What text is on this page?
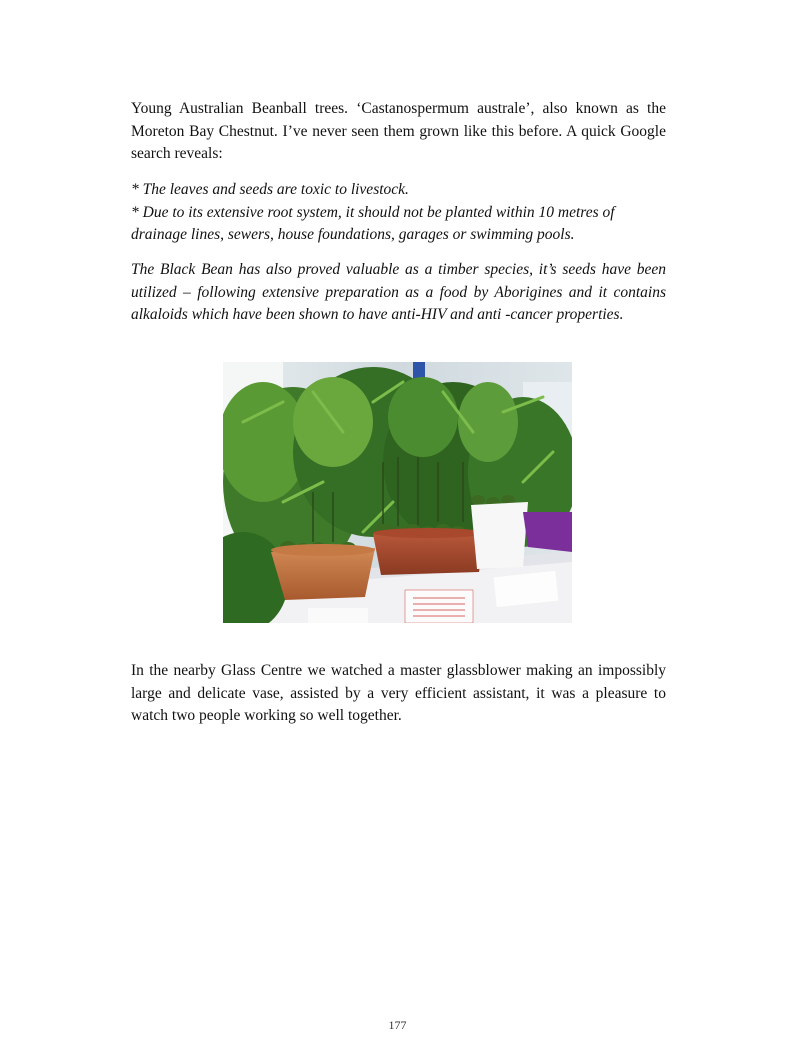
Young Australian Beanball trees. ‘Castanospermum australe’, also known as the Moreton Bay Chestnut. I’ve never seen them grown like this before. A quick Google search reveals:

* The leaves and seeds are toxic to livestock.

* Due to its extensive root system, it should not be planted within 10 metres of drainage lines, sewers, house foundations, garages or swimming pools.

The Black Bean has also proved valuable as a timber species, it’s seeds have been utilized – following extensive preparation as a food by Aborigines and it contains alkaloids which have been shown to have anti-HIV and anti -cancer properties.

In the nearby Glass Centre we watched a master glassblower making an impossibly large and delicate vase, assisted by a very efficient assistant, it was a pleasure to watch two people working so well together.

177
